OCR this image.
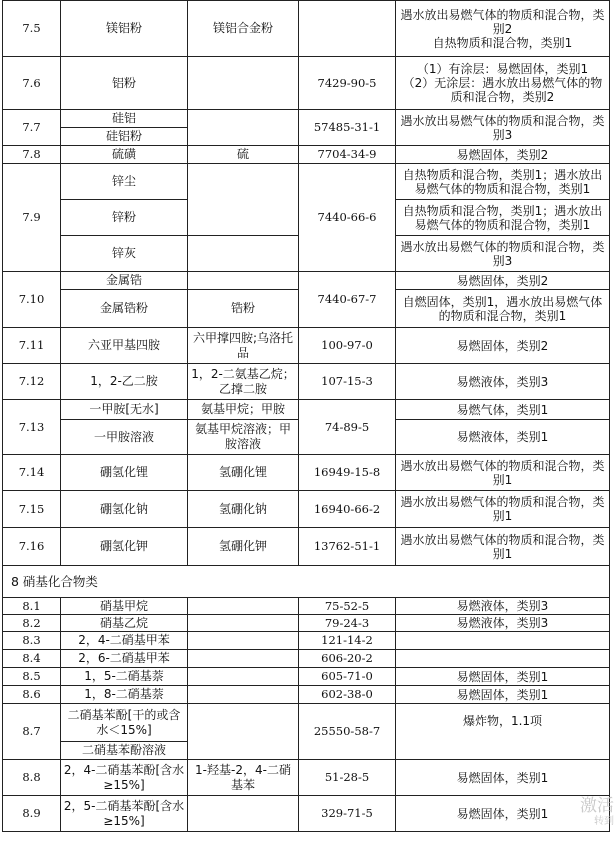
7.5	镁铝粉	镁铝合金粉		遇水放出易燃气体的物质和混合物，类别2
自热物质和混合物，类别1

7.6	铝粉		7429-90-5	（1）有涂层：易燃固体，类别1
（2）无涂层：遇水放出易燃气体的物质和混合物，类别2

7.7	硅铝		57485-31-1	遇水放出易燃气体的物质和混合物，类别3
	硅铝粉			
7.8	硫磺	硫	7704-34-9	易燃固体，类别2
7.9	锌尘		7440-66-6	自热物质和混合物，类别1；遇水放出易燃气体的物质和混合物，类别1
	锌粉			自热物质和混合物，类别1；遇水放出易燃气体的物质和混合物，类别1
	锌灰			遇水放出易燃气体的物质和混合物，类别3
7.10	金属锆		7440-67-7	易燃固体，类别2
	金属锆粉	锆粉		自燃固体，类别1，遇水放出易燃气体的物质和混合物，类别1
7.11	六亚甲基四胺	六甲撑四胺;乌洛托品	100-97-0	易燃固体，类别2
7.12	1，2-乙二胺	1，2-二氨基乙烷；乙撑二胺	107-15-3	易燃液体，类别3
7.13	一甲胺[无水]	氨基甲烷；甲胺	74-89-5	易燃气体，类别1
	一甲胺溶液	氨基甲烷溶液；甲胺溶液		易燃液体，类别1
7.14	硼氢化锂	氢硼化锂	16949-15-8	遇水放出易燃气体的物质和混合物，类别1
7.15	硼氢化钠	氢硼化钠	16940-66-2	遇水放出易燃气体的物质和混合物，类别1
7.16	硼氢化钾	氢硼化钾	13762-51-1	遇水放出易燃气体的物质和混合物，类别1
8 硝基化合物类				
8.1	硝基甲烷		75-52-5	易燃液体，类别3
8.2	硝基乙烷		79-24-3	易燃液体，类别3
8.3	2，4-二硝基甲苯		121-14-2	
8.4	2，6-二硝基甲苯		606-20-2	
8.5	1，5-二硝基萘		605-71-0	易燃固体，类别1
8.6	1，8-二硝基萘		602-38-0	易燃固体，类别1
8.7	二硝基苯酚[干的或含水＜15%]		25550-58-7	爆炸物，1.1项
	二硝基苯酚溶液			
8.8	2，4-二硝基苯酚[含水≥15%]	1-羟基-2，4-二硝基苯	51-28-5	易燃固体，类别1
8.9	2，5-二硝基苯酚[含水≥15%]		329-71-5	易燃固体，类别1 激活
转到
